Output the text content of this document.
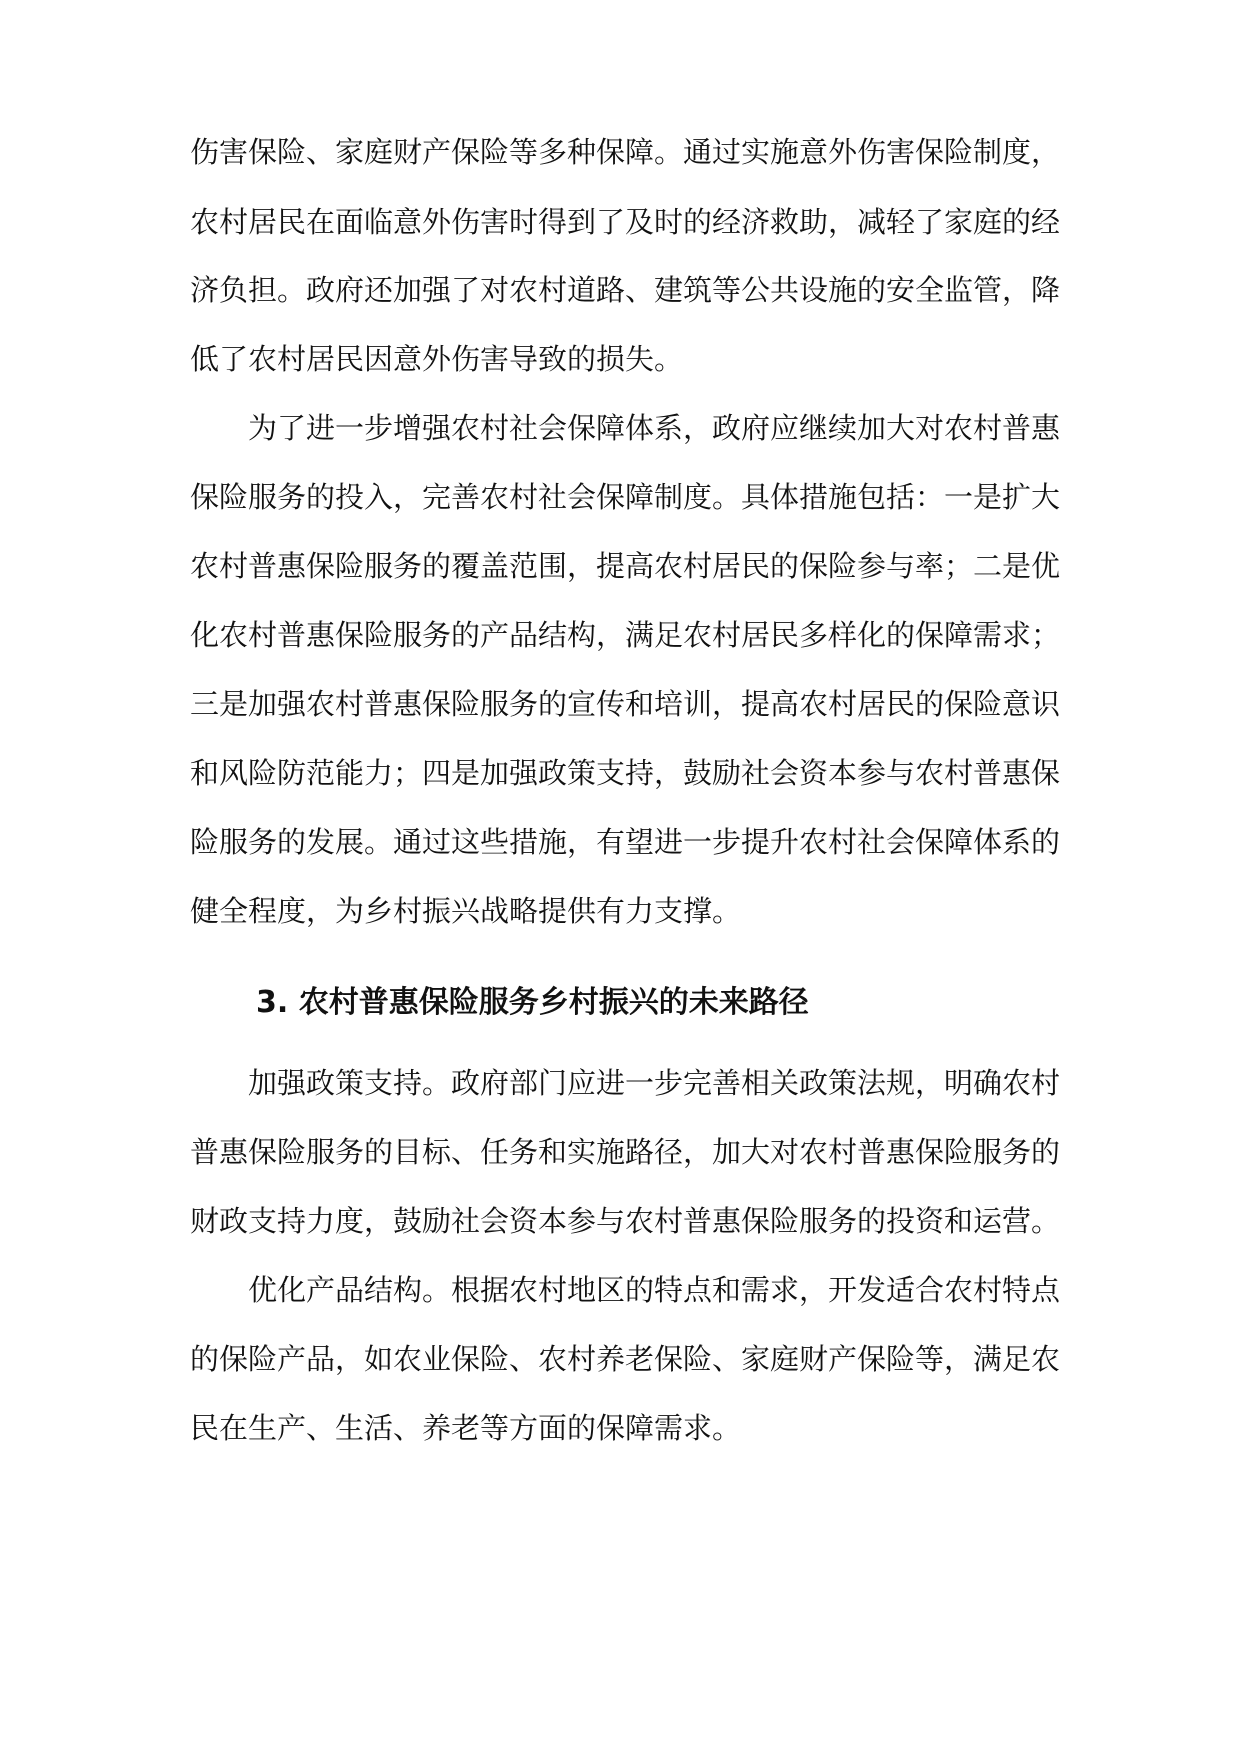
伤害保险、家庭财产保险等多种保障。通过实施意外伤害保险制度，

农村居民在面临意外伤害时得到了及时的经济救助，减轻了家庭的经

济负担。政府还加强了对农村道路、建筑等公共设施的安全监管，降

低了农村居民因意外伤害导致的损失。

　　为了进一步增强农村社会保障体系，政府应继续加大对农村普惠

保险服务的投入，完善农村社会保障制度。具体措施包括：一是扩大

农村普惠保险服务的覆盖范围，提高农村居民的保险参与率；二是优

化农村普惠保险服务的产品结构，满足农村居民多样化的保障需求；

三是加强农村普惠保险服务的宣传和培训，提高农村居民的保险意识

和风险防范能力；四是加强政策支持，鼓励社会资本参与农村普惠保

险服务的发展。通过这些措施，有望进一步提升农村社会保障体系的

健全程度，为乡村振兴战略提供有力支撑。

3. 农村普惠保险服务乡村振兴的未来路径

　　加强政策支持。政府部门应进一步完善相关政策法规，明确农村

普惠保险服务的目标、任务和实施路径，加大对农村普惠保险服务的

财政支持力度，鼓励社会资本参与农村普惠保险服务的投资和运营。

　　优化产品结构。根据农村地区的特点和需求，开发适合农村特点

的保险产品，如农业保险、农村养老保险、家庭财产保险等，满足农

民在生产、生活、养老等方面的保障需求。
